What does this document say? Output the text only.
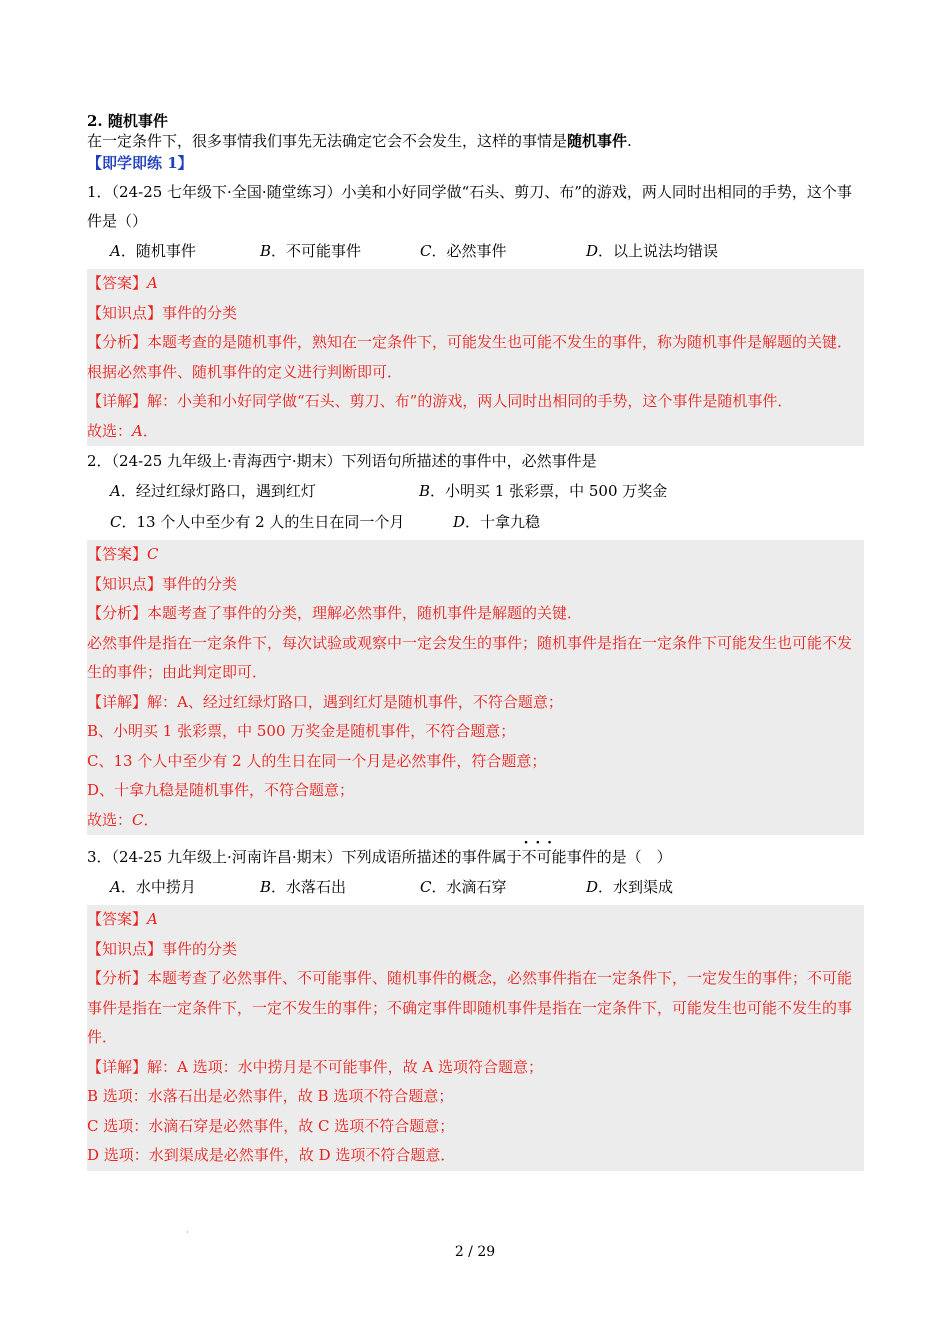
2. 随机事件
在一定条件下，很多事情我们事先无法确定它会不会发生，这样的事情是随机事件.
【即学即练 1】
1．（24-25 七年级下·全国·随堂练习）小美和小好同学做“石头、剪刀、布”的游戏，两人同时出相同的手势，这个事件是（）
A．随机事件	B．不可能事件	C．必然事件	D．以上说法均错误
【答案】A
【知识点】事件的分类
【分析】本题考查的是随机事件，熟知在一定条件下，可能发生也可能不发生的事件，称为随机事件是解题的关键．根据必然事件、随机事件的定义进行判断即可．
【详解】解：小美和小好同学做“石头、剪刀、布”的游戏，两人同时出相同的手势，这个事件是随机事件．
故选：A．
2．（24-25 九年级上·青海西宁·期末）下列语句所描述的事件中，必然事件是
A．经过红绿灯路口，遇到红灯	B．小明买 1 张彩票，中 500 万奖金
C．13 个人中至少有 2 人的生日在同一个月	D．十拿九稳
【答案】C
【知识点】事件的分类
【分析】本题考查了事件的分类，理解必然事件，随机事件是解题的关键．
必然事件是指在一定条件下，每次试验或观察中一定会发生的事件；随机事件是指在一定条件下可能发生也可能不发生的事件；由此判定即可．
【详解】解：A、经过红绿灯路口，遇到红灯是随机事件，不符合题意；
B、小明买 1 张彩票，中 500 万奖金是随机事件，不符合题意；
C、13 个人中至少有 2 人的生日在同一个月是必然事件，符合题意；
D、十拿九稳是随机事件，不符合题意；
故选：C．
3．（24-25 九年级上·河南许昌·期末）下列成语所描述的事件属于· · · 不可能事件的是（　）
A．水中捞月	B．水落石出	C．水滴石穿	D．水到渠成
【答案】A
【知识点】事件的分类
【分析】本题考查了必然事件、不可能事件、随机事件的概念，必然事件指在一定条件下，一定发生的事件；不可能事件是指在一定条件下，一定不发生的事件；不确定事件即随机事件是指在一定条件下，可能发生也可能不发生的事件．
【详解】解：A 选项：水中捞月是不可能事件，故 A 选项符合题意；
B 选项：水落石出是必然事件，故 B 选项不符合题意；
C 选项：水滴石穿是必然事件，故 C 选项不符合题意；
D 选项：水到渠成是必然事件，故 D 选项不符合题意．
·
2 / 29
